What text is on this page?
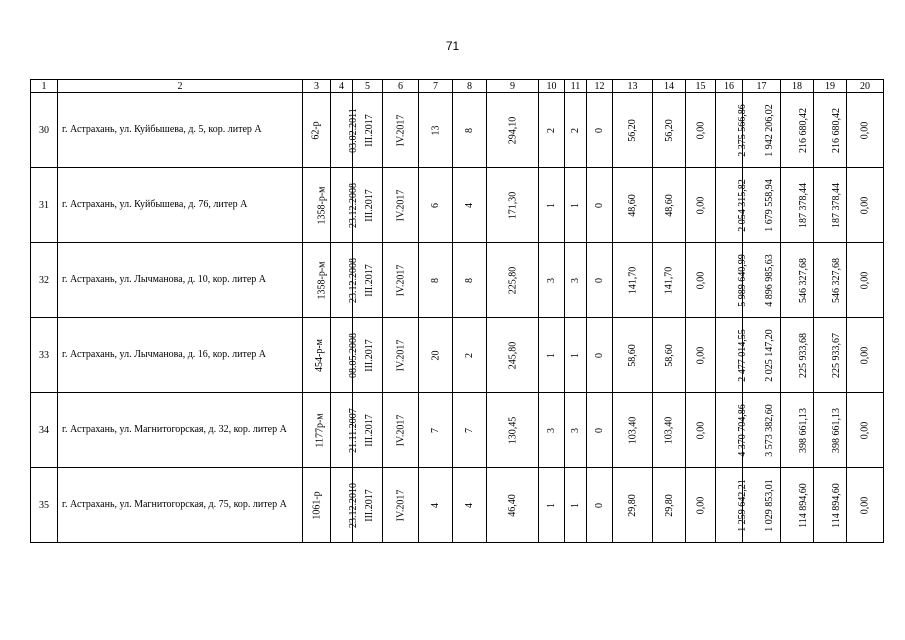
71
1	2	3	4	5	6	7	8	9	10	11	12	13	14	15	16	17	18	19	20
30	г. Астрахань, ул. Куйбышева, д. 5, кор. литер А	62-р	03.02.2011	III.2017	IV.2017	13	8	294,10	2	2	0	56,20	56,20	0,00	2 375 566,86	1 942 206,02	216 680,42	216 680,42	0,00
31	г. Астрахань, ул. Куйбышева, д. 76, литер А	1358-р-м	23.12.2008	III.2017	IV.2017	6	4	171,30	1	1	0	48,60	48,60	0,00	2 054 315,82	1 679 558,94	187 378,44	187 378,44	0,00
32	г. Астрахань, ул. Лычманова, д. 10, кор. литер А	1358-р-м	23.12.2008	III.2017	IV.2017	8	8	225,80	3	3	0	141,70	141,70	0,00	5 989 640,99	4 896 985,63	546 327,68	546 327,68	0,00
33	г. Астрахань, ул. Лычманова, д. 16, кор. литер А	454-р-м	08.05.2008	III.2017	IV.2017	20	2	245,80	1	1	0	58,60	58,60	0,00	2 477 014,55	2 025 147,20	225 933,68	225 933,67	0,00
34	г. Астрахань, ул. Магнитогорская, д. 32, кор. литер А	1177р-м	21.11.2007	III.2017	IV.2017	7	7	130,45	3	3	0	103,40	103,40	0,00	4 370 704,86	3 573 382,60	398 661,13	398 661,13	0,00
35	г. Астрахань, ул. Магнитогорская, д. 75, кор. литер А	1061-р	23.12.2010	III.2017	IV.2017	4	4	46,40	1	1	0	29,80	29,80	0,00	1 259 642,21	1 029 853,01	114 894,60	114 894,60	0,00
